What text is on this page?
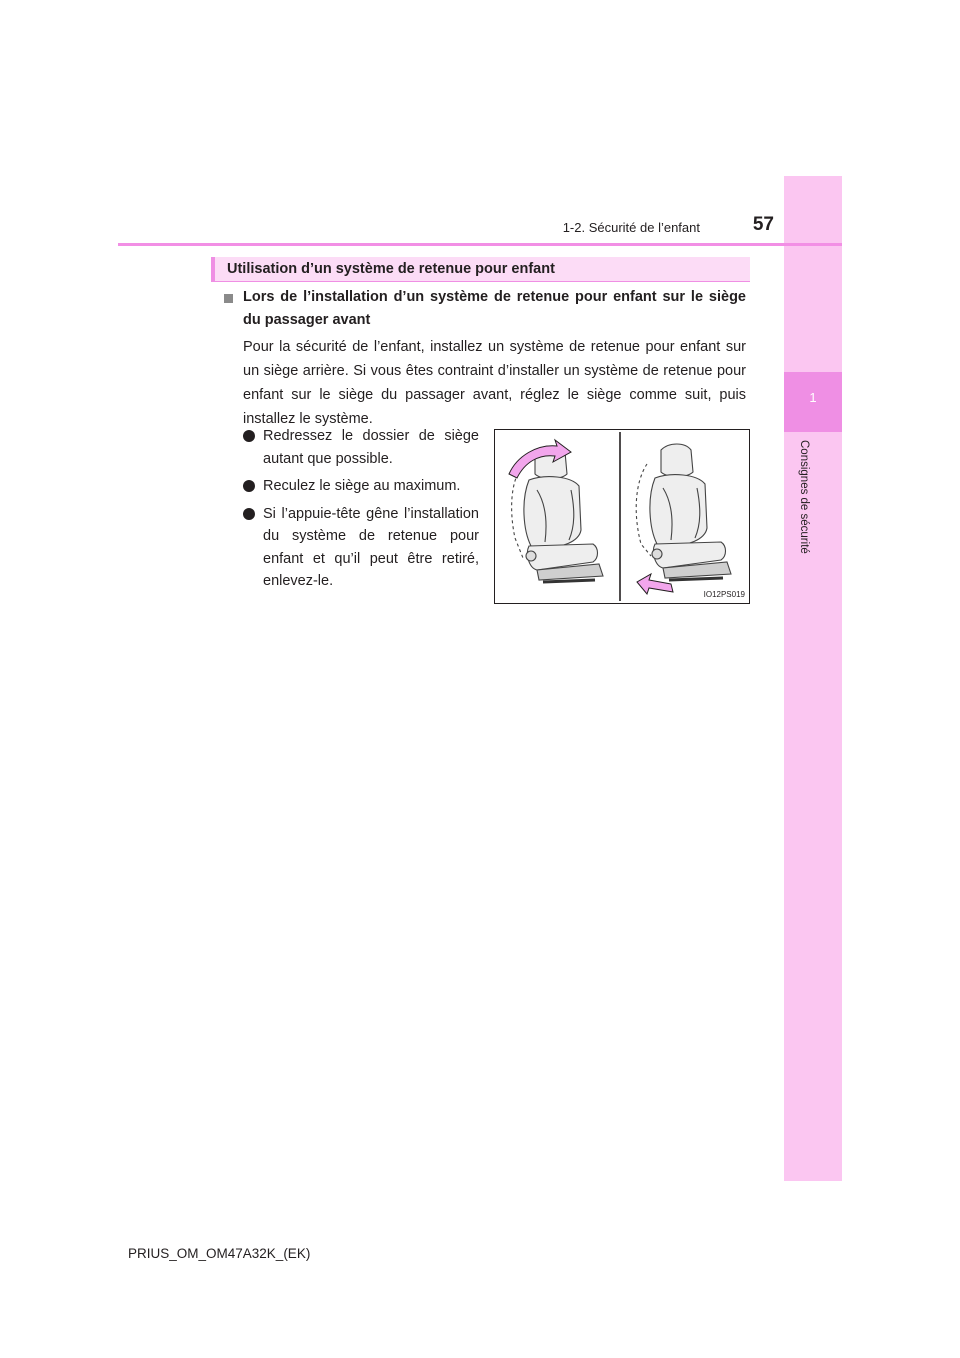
1
Consignes de sécurité
1-2. Sécurité de l’enfant	57
Utilisation d’un système de retenue pour enfant
Lors de l’installation d’un système de retenue pour enfant sur le siège du passager avant
Pour la sécurité de l’enfant, installez un système de retenue pour enfant sur un siège arrière. Si vous êtes contraint d’installer un système de retenue pour enfant sur le siège du passager avant, réglez le siège comme suit, puis installez le système.
Redressez le dossier de siège autant que possible.
Reculez le siège au maximum.
Si l’appuie-tête gêne l’installation du système de retenue pour enfant et qu’il peut être retiré, enlevez-le.
IO12PS019
PRIUS_OM_OM47A32K_(EK)
